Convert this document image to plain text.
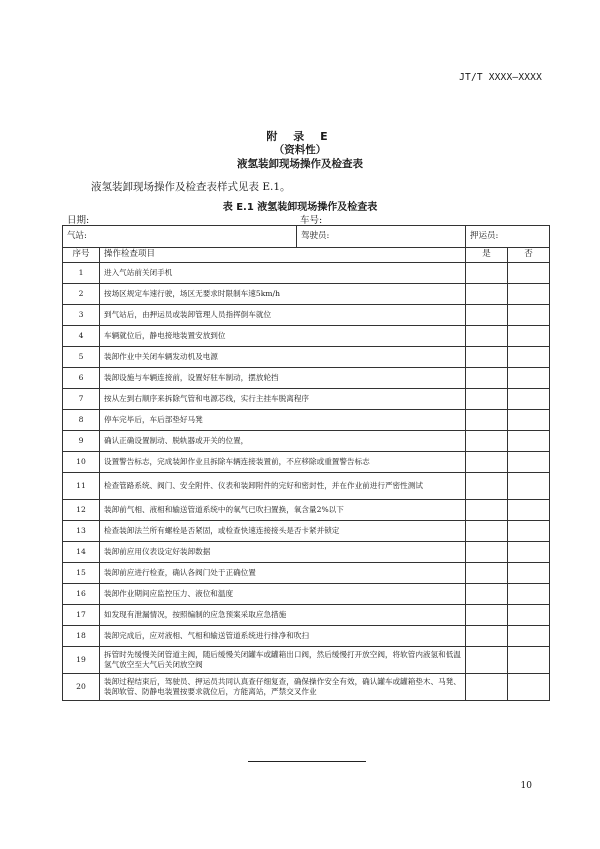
JT/T XXXX—XXXX
附 录 E
（资料性）
液氢装卸现场操作及检查表
液氢装卸现场操作及检查表样式见表 E.1。
表 E.1 液氢装卸现场操作及检查表
日期:	车号:
气站:		驾驶员:	押运员:	
序号	操作检查项目		是	否
1	进入气站前关闭手机			
2	按场区规定车速行驶，场区无要求时限制车速5km/h			
3	到气站后，由押运员或装卸管理人员指挥倒车就位			
4	车辆就位后，静电接地装置安放到位			
5	装卸作业中关闭车辆发动机及电源			
6	装卸设施与车辆连接前，设置好驻车制动，摆放轮挡			
7	按从左到右顺序来拆除气管和电源芯线，实行主挂车脱离程序			
8	停车完毕后，车后部垫好马凳			
9	确认正确设置制动、脱轨器或开关的位置，			
10	设置警告标志，完成装卸作业且拆除车辆连接装置前，不应移除或重置警告标志			
11	检查管路系统、阀门、安全附件、仪表和装卸附件的完好和密封性，并在作业前进行严密性测试			
12	装卸前气相、液相和输送管道系统中的氧气已吹扫置换，氧含量2%以下			
13	检查装卸法兰所有螺栓是否紧固，或检查快速连接接头是否卡紧并锁定			
14	装卸前应用仪表设定好装卸数据			
15	装卸前应进行检查，确认各阀门处于正确位置			
16	装卸作业期间应监控压力、液位和温度			
17	如发现有泄漏情况，按照编制的应急预案采取应急措施			
18	装卸完成后，应对液相、气相和输送管道系统进行排净和吹扫			
19	拆管时先缓慢关闭管道主阀，随后缓慢关闭罐车或罐箱出口阀，然后缓慢打开放空阀，将软管内液氢和低温氢气放空至大气后关闭放空阀			
20	装卸过程结束后，驾驶员、押运员共同认真查仔细复查，确保操作安全有效，确认罐车或罐箱垫木、马凳、装卸软管、防静电装置按要求就位后，方能离站，严禁交叉作业			
10
